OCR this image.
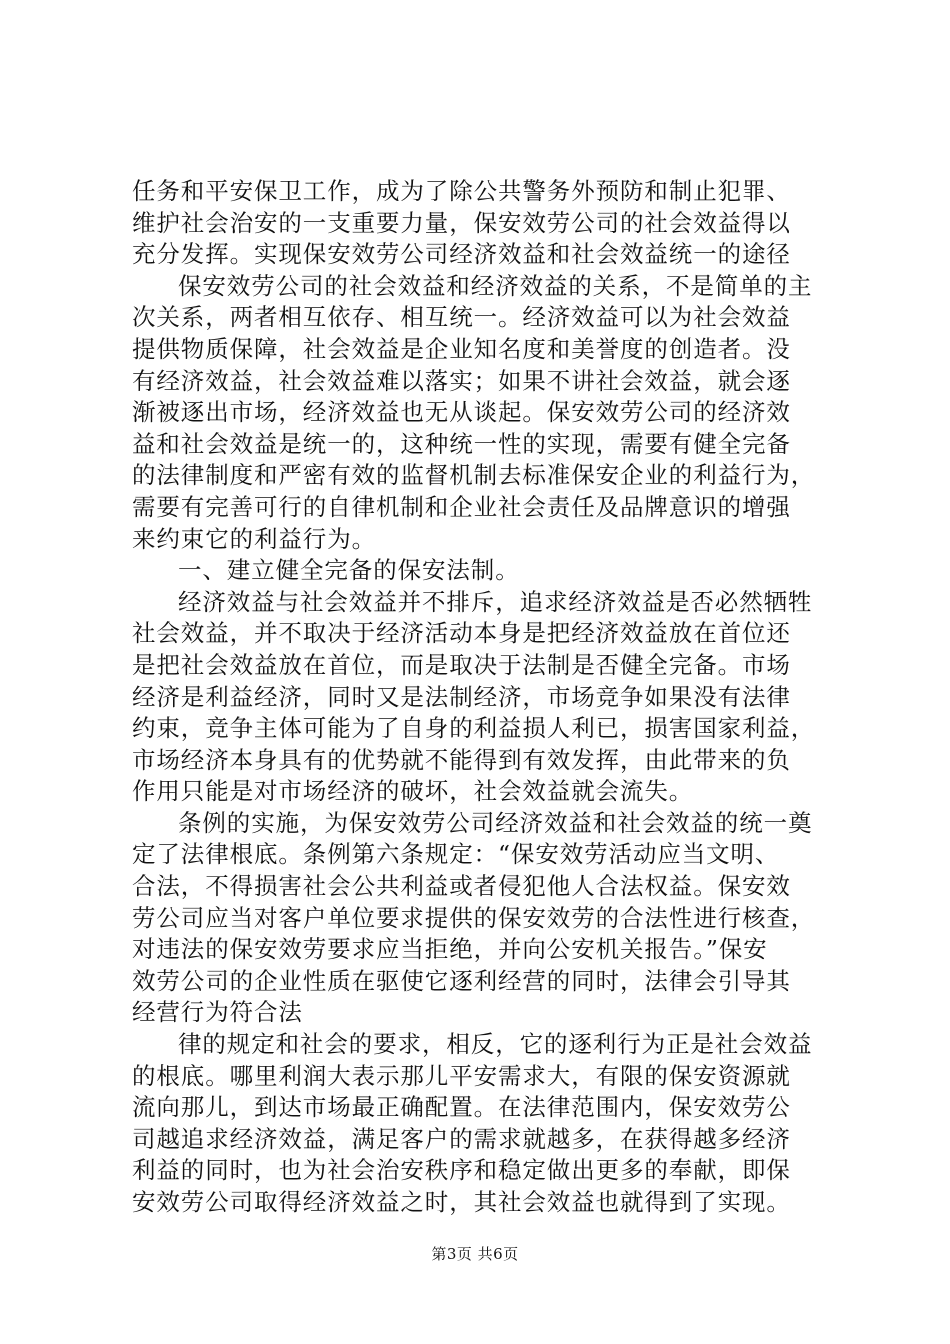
任务和平安保卫工作，成为了除公共警务外预防和制止犯罪、
维护社会治安的一支重要力量，保安效劳公司的社会效益得以
充分发挥。实现保安效劳公司经济效益和社会效益统一的途径
保安效劳公司的社会效益和经济效益的关系，不是简单的主
次关系，两者相互依存、相互统一。经济效益可以为社会效益
提供物质保障，社会效益是企业知名度和美誉度的创造者。没
有经济效益，社会效益难以落实；如果不讲社会效益，就会逐
渐被逐出市场，经济效益也无从谈起。保安效劳公司的经济效
益和社会效益是统一的，这种统一性的实现，需要有健全完备
的法律制度和严密有效的监督机制去标准保安企业的利益行为，
需要有完善可行的自律机制和企业社会责任及品牌意识的增强
来约束它的利益行为。
一、建立健全完备的保安法制。
经济效益与社会效益并不排斥，追求经济效益是否必然牺牲
社会效益，并不取决于经济活动本身是把经济效益放在首位还
是把社会效益放在首位，而是取决于法制是否健全完备。市场
经济是利益经济，同时又是法制经济，市场竞争如果没有法律
约束，竞争主体可能为了自身的利益损人利已，损害国家利益，
市场经济本身具有的优势就不能得到有效发挥，由此带来的负
作用只能是对市场经济的破坏，社会效益就会流失。
条例的实施，为保安效劳公司经济效益和社会效益的统一奠
定了法律根底。条例第六条规定：“保安效劳活动应当文明、
合法，不得损害社会公共利益或者侵犯他人合法权益。保安效
劳公司应当对客户单位要求提供的保安效劳的合法性进行核查，
对违法的保安效劳要求应当拒绝，并向公安机关报告。”保安
效劳公司的企业性质在驱使它逐利经营的同时，法律会引导其
经营行为符合法
律的规定和社会的要求，相反，它的逐利行为正是社会效益
的根底。哪里利润大表示那儿平安需求大，有限的保安资源就
流向那儿，到达市场最正确配置。在法律范围内，保安效劳公
司越追求经济效益，满足客户的需求就越多，在获得越多经济
利益的同时，也为社会治安秩序和稳定做出更多的奉献，即保
安效劳公司取得经济效益之时，其社会效益也就得到了实现。
第3页 共6页
